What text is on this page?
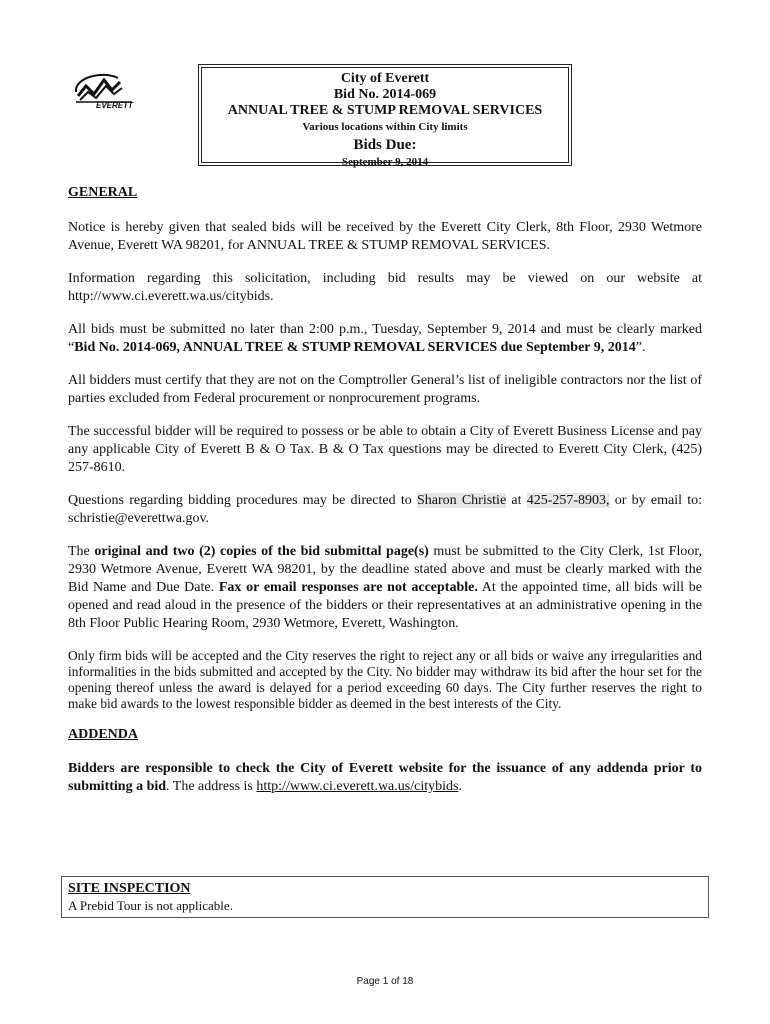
EVERETT
City of Everett
Bid No. 2014-069
ANNUAL TREE & STUMP REMOVAL SERVICES
Various locations within City limits
Bids Due:
September 9, 2014

GENERAL

Notice is hereby given that sealed bids will be received by the Everett City Clerk, 8th Floor, 2930 Wetmore Avenue, Everett WA 98201, for ANNUAL TREE & STUMP REMOVAL SERVICES.

Information regarding this solicitation, including bid results may be viewed on our website at http://www.ci.everett.wa.us/citybids.

All bids must be submitted no later than 2:00 p.m., Tuesday, September 9, 2014 and must be clearly marked “Bid No. 2014-069, ANNUAL TREE & STUMP REMOVAL SERVICES due September 9, 2014”.

All bidders must certify that they are not on the Comptroller General’s list of ineligible contractors nor the list of parties excluded from Federal procurement or nonprocurement programs.

The successful bidder will be required to possess or be able to obtain a City of Everett Business License and pay any applicable City of Everett B & O Tax. B & O Tax questions may be directed to Everett City Clerk, (425) 257-8610.

Questions regarding bidding procedures may be directed to Sharon Christie at 425-257-8903, or by email to: schristie@everettwa.gov.

The original and two (2) copies of the bid submittal page(s) must be submitted to the City Clerk, 1st Floor, 2930 Wetmore Avenue, Everett WA 98201, by the deadline stated above and must be clearly marked with the Bid Name and Due Date. Fax or email responses are not acceptable. At the appointed time, all bids will be opened and read aloud in the presence of the bidders or their representatives at an administrative opening in the 8th Floor Public Hearing Room, 2930 Wetmore, Everett, Washington.

Only firm bids will be accepted and the City reserves the right to reject any or all bids or waive any irregularities and informalities in the bids submitted and accepted by the City. No bidder may withdraw its bid after the hour set for the opening thereof unless the award is delayed for a period exceeding 60 days. The City further reserves the right to make bid awards to the lowest responsible bidder as deemed in the best interests of the City.

ADDENDA

Bidders are responsible to check the City of Everett website for the issuance of any addenda prior to submitting a bid. The address is http://www.ci.everett.wa.us/citybids.

SITE INSPECTION
A Prebid Tour is not applicable.
Page 1 of 18
